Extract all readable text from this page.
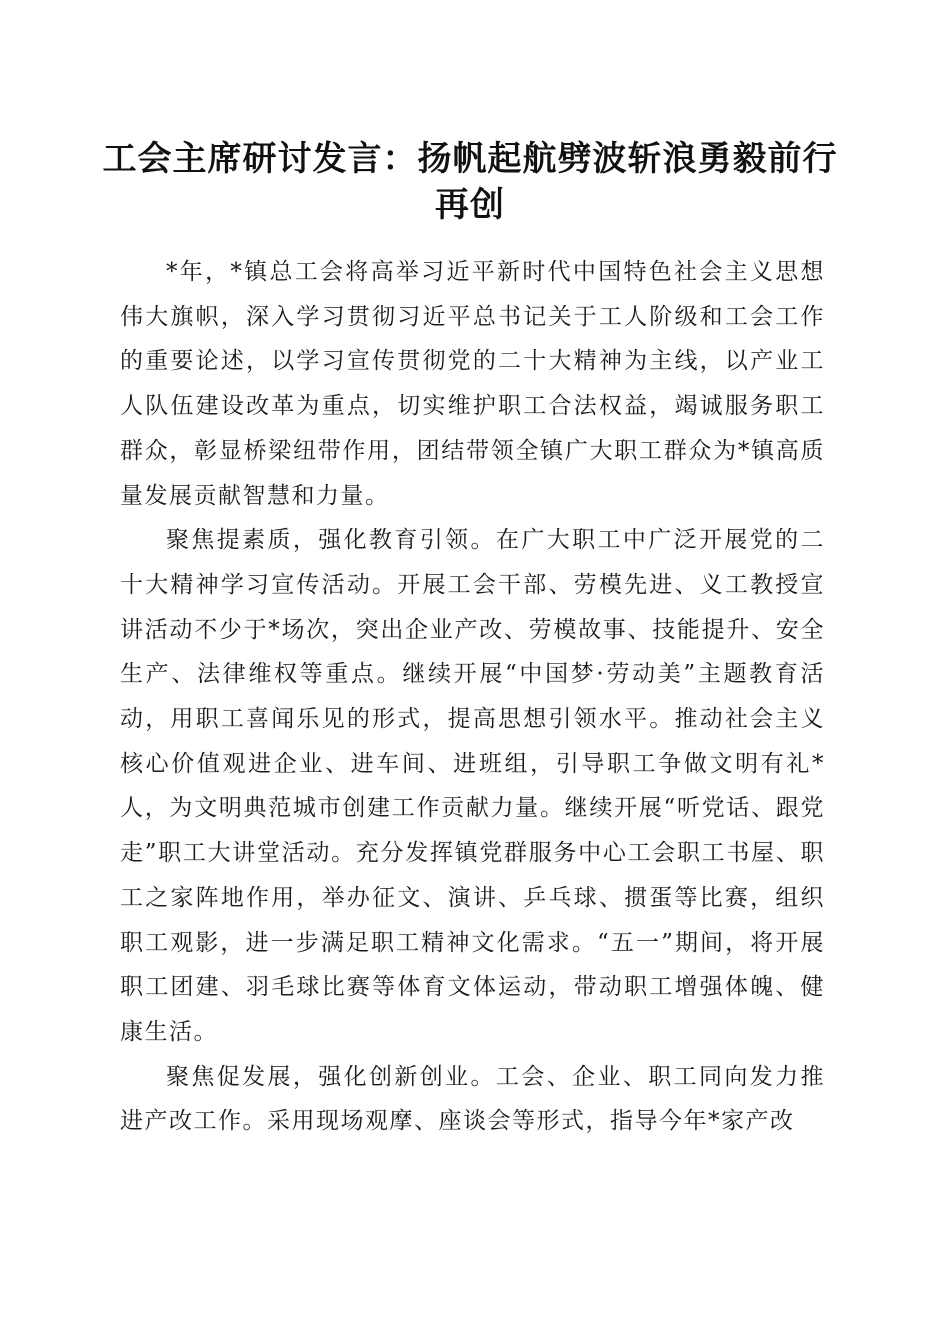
工会主席研讨发言：扬帆起航劈波斩浪勇毅前行再创

*年，*镇总工会将高举习近平新时代中国特色社会主义思想伟大旗帜，深入学习贯彻习近平总书记关于工人阶级和工会工作的重要论述，以学习宣传贯彻党的二十大精神为主线，以产业工人队伍建设改革为重点，切实维护职工合法权益，竭诚服务职工群众，彰显桥梁纽带作用，团结带领全镇广大职工群众为*镇高质量发展贡献智慧和力量。

聚焦提素质，强化教育引领。在广大职工中广泛开展党的二十大精神学习宣传活动。开展工会干部、劳模先进、义工教授宣讲活动不少于*场次，突出企业产改、劳模故事、技能提升、安全生产、法律维权等重点。继续开展“中国梦·劳动美”主题教育活动，用职工喜闻乐见的形式，提高思想引领水平。推动社会主义核心价值观进企业、进车间、进班组，引导职工争做文明有礼*人，为文明典范城市创建工作贡献力量。继续开展“听党话、跟党走”职工大讲堂活动。充分发挥镇党群服务中心工会职工书屋、职工之家阵地作用，举办征文、演讲、乒乓球、掼蛋等比赛，组织职工观影，进一步满足职工精神文化需求。“五一”期间，将开展职工团建、羽毛球比赛等体育文体运动，带动职工增强体魄、健康生活。

聚焦促发展，强化创新创业。工会、企业、职工同向发力推进产改工作。采用现场观摩、座谈会等形式，指导今年*家产改
